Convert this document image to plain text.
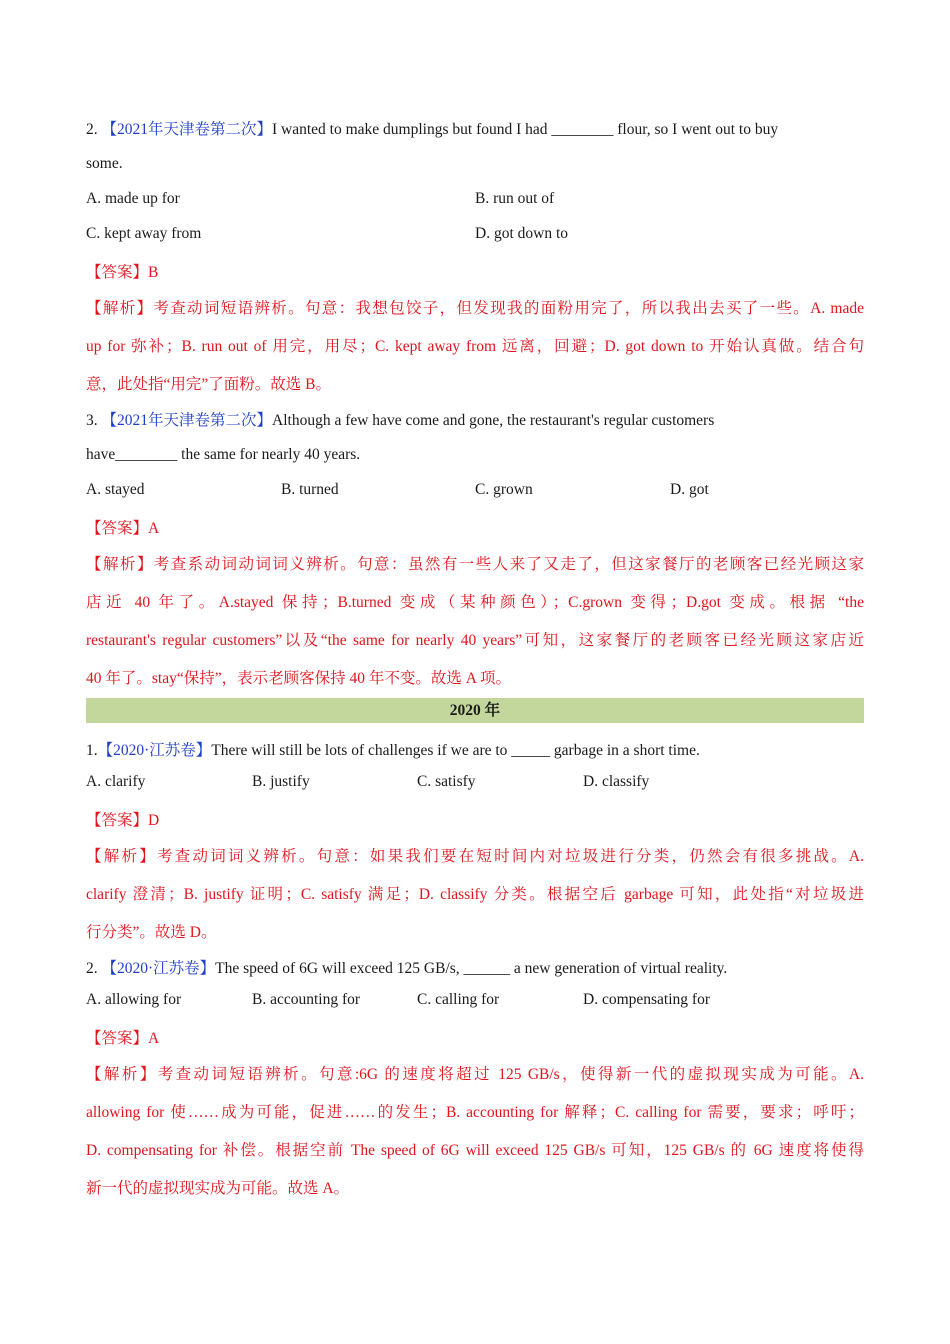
2. 【2021年天津卷第二次】I wanted to make dumplings but found I had ________ flour, so I went out to buy
some.
A. made up for	B. run out of
C. kept away from	D. got down to
【答案】B
【解析】考查动词短语辨析。句意：我想包饺子，但发现我的面粉用完了，所以我出去买了一些。A. made
up for 弥补；B. run out of 用完，用尽；C. kept away from 远离，回避；D. got down to 开始认真做。结合句
意，此处指“用完”了面粉。故选 B。
3. 【2021年天津卷第二次】Although a few have come and gone, the restaurant's regular customers
have________ the same for nearly 40 years.
A. stayed	B. turned	C. grown	D. got
【答案】A
【解析】考查系动词动词词义辨析。句意：虽然有一些人来了又走了，但这家餐厅的老顾客已经光顾这家
店近 40 年了。A.stayed 保持；B.turned 变成（某种颜色）；C.grown 变得；D.got 变成。根据 “the
restaurant's regular customers”以及“the same for nearly 40 years”可知，这家餐厅的老顾客已经光顾这家店近
40 年了。stay“保持”，表示老顾客保持 40 年不变。故选 A 项。
2020 年
1.【2020·江苏卷】There will still be lots of challenges if we are to _____ garbage in a short time.
A. clarify	B. justify	C. satisfy	D. classify
【答案】D
【解析】考查动词词义辨析。句意：如果我们要在短时间内对垃圾进行分类，仍然会有很多挑战。A.
clarify 澄清；B. justify 证明；C. satisfy 满足；D. classify 分类。根据空后 garbage 可知，此处指“对垃圾进
行分类”。故选 D。
2. 【2020·江苏卷】The speed of 6G will exceed 125 GB/s, ______ a new generation of virtual reality.
A. allowing for	B. accounting for	C. calling for	D. compensating for
【答案】A
【解析】考查动词短语辨析。句意:6G 的速度将超过 125 GB/s，使得新一代的虚拟现实成为可能。A.
allowing for 使……成为可能，促进……的发生；B. accounting for 解释；C. calling for 需要，要求；呼吁；
D. compensating for 补偿。根据空前 The speed of 6G will exceed 125 GB/s 可知，125 GB/s 的 6G 速度将使得
新一代的虚拟现实成为可能。故选 A。
